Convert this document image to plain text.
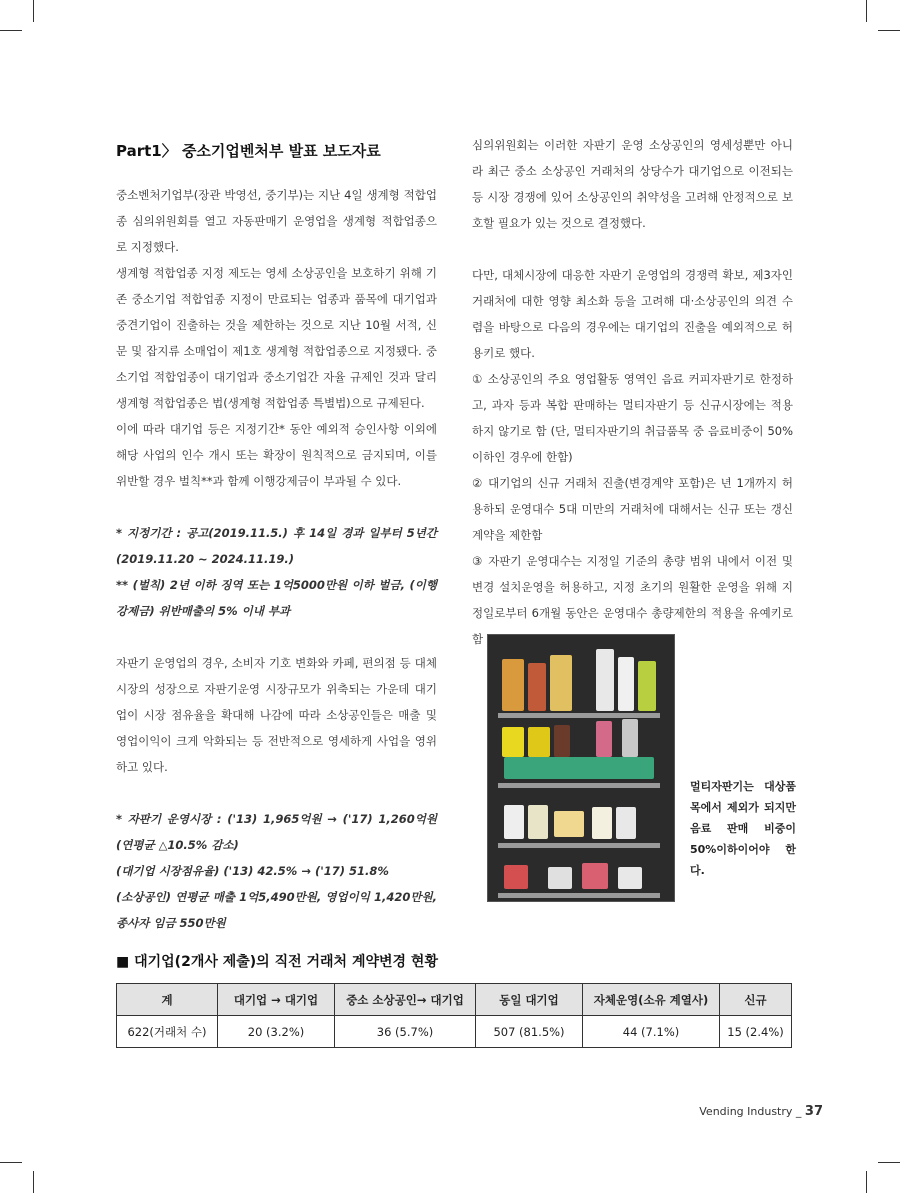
Part1〉 중소기업벤처부 발표 보도자료

중소벤처기업부(장관 박영선, 중기부)는 지난 4일 생계형 적합업종 심의위원회를 열고 자동판매기 운영업을 생계형 적합업종으로 지정했다.

생계형 적합업종 지정 제도는 영세 소상공인을 보호하기 위해 기존 중소기업 적합업종 지정이 만료되는 업종과 품목에 대기업과 중견기업이 진출하는 것을 제한하는 것으로 지난 10월 서적, 신문 및 잡지류 소매업이 제1호 생계형 적합업종으로 지정됐다. 중소기업 적합업종이 대기업과 중소기업간 자율 규제인 것과 달리 생계형 적합업종은 법(생계형 적합업종 특별법)으로 규제된다.

이에 따라 대기업 등은 지정기간* 동안 예외적 승인사항 이외에 해당 사업의 인수 개시 또는 확장이 원칙적으로 금지되며, 이를 위반할 경우 벌칙**과 함께 이행강제금이 부과될 수 있다.

* 지정기간 : 공고(2019.11.5.) 후 14일 경과 일부터 5년간 (2019.11.20 ~ 2024.11.19.)

** (벌칙) 2년 이하 징역 또는 1억5000만원 이하 벌금, (이행강제금) 위반매출의 5% 이내 부과

자판기 운영업의 경우, 소비자 기호 변화와 카페, 편의점 등 대체시장의 성장으로 자판기운영 시장규모가 위축되는 가운데 대기업이 시장 점유율을 확대해 나감에 따라 소상공인들은 매출 및 영업이익이 크게 악화되는 등 전반적으로 영세하게 사업을 영위하고 있다.

* 자판기 운영시장 : ('13) 1,965억원 → ('17) 1,260억원 (연평균 △10.5% 감소)

(대기업 시장점유율) ('13) 42.5% → ('17) 51.8%

(소상공인) 연평균 매출 1억5,490만원, 영업이익 1,420만원, 종사자 임금 550만원

심의위원회는 이러한 자판기 운영 소상공인의 영세성뿐만 아니라 최근 중소 소상공인 거래처의 상당수가 대기업으로 이전되는 등 시장 경쟁에 있어 소상공인의 취약성을 고려해 안정적으로 보호할 필요가 있는 것으로 결정했다.

다만, 대체시장에 대응한 자판기 운영업의 경쟁력 확보, 제3자인 거래처에 대한 영향 최소화 등을 고려해 대·소상공인의 의견 수렴을 바탕으로 다음의 경우에는 대기업의 진출을 예외적으로 허용키로 했다.

① 소상공인의 주요 영업활동 영역인 음료 커피자판기로 한정하고, 과자 등과 복합 판매하는 멀티자판기 등 신규시장에는 적용하지 않기로 함 (단, 멀티자판기의 취급품목 중 음료비중이 50% 이하인 경우에 한함)

② 대기업의 신규 거래처 진출(변경계약 포함)은 년 1개까지 허용하되 운영대수 5대 미만의 거래처에 대해서는 신규 또는 갱신계약을 제한함

③ 자판기 운영대수는 지정일 기준의 총량 범위 내에서 이전 및 변경 설치운영을 허용하고, 지정 초기의 원활한 운영을 위해 지정일로부터 6개월 동안은 운영대수 총량제한의 적용을 유예키로 함

멀티자판기는 대상품목에서 제외가 되지만 음료 판매 비중이 50%이하이어야 한다.
■ 대기업(2개사 제출)의 직전 거래처 계약변경 현황
계	대기업 → 대기업	중소 소상공인→ 대기업	동일 대기업	자체운영(소유 계열사)	신규
622(거래처 수)	20 (3.2%)	36 (5.7%)	507 (81.5%)	44 (7.1%)	15 (2.4%)
Vending Industry _ 37
